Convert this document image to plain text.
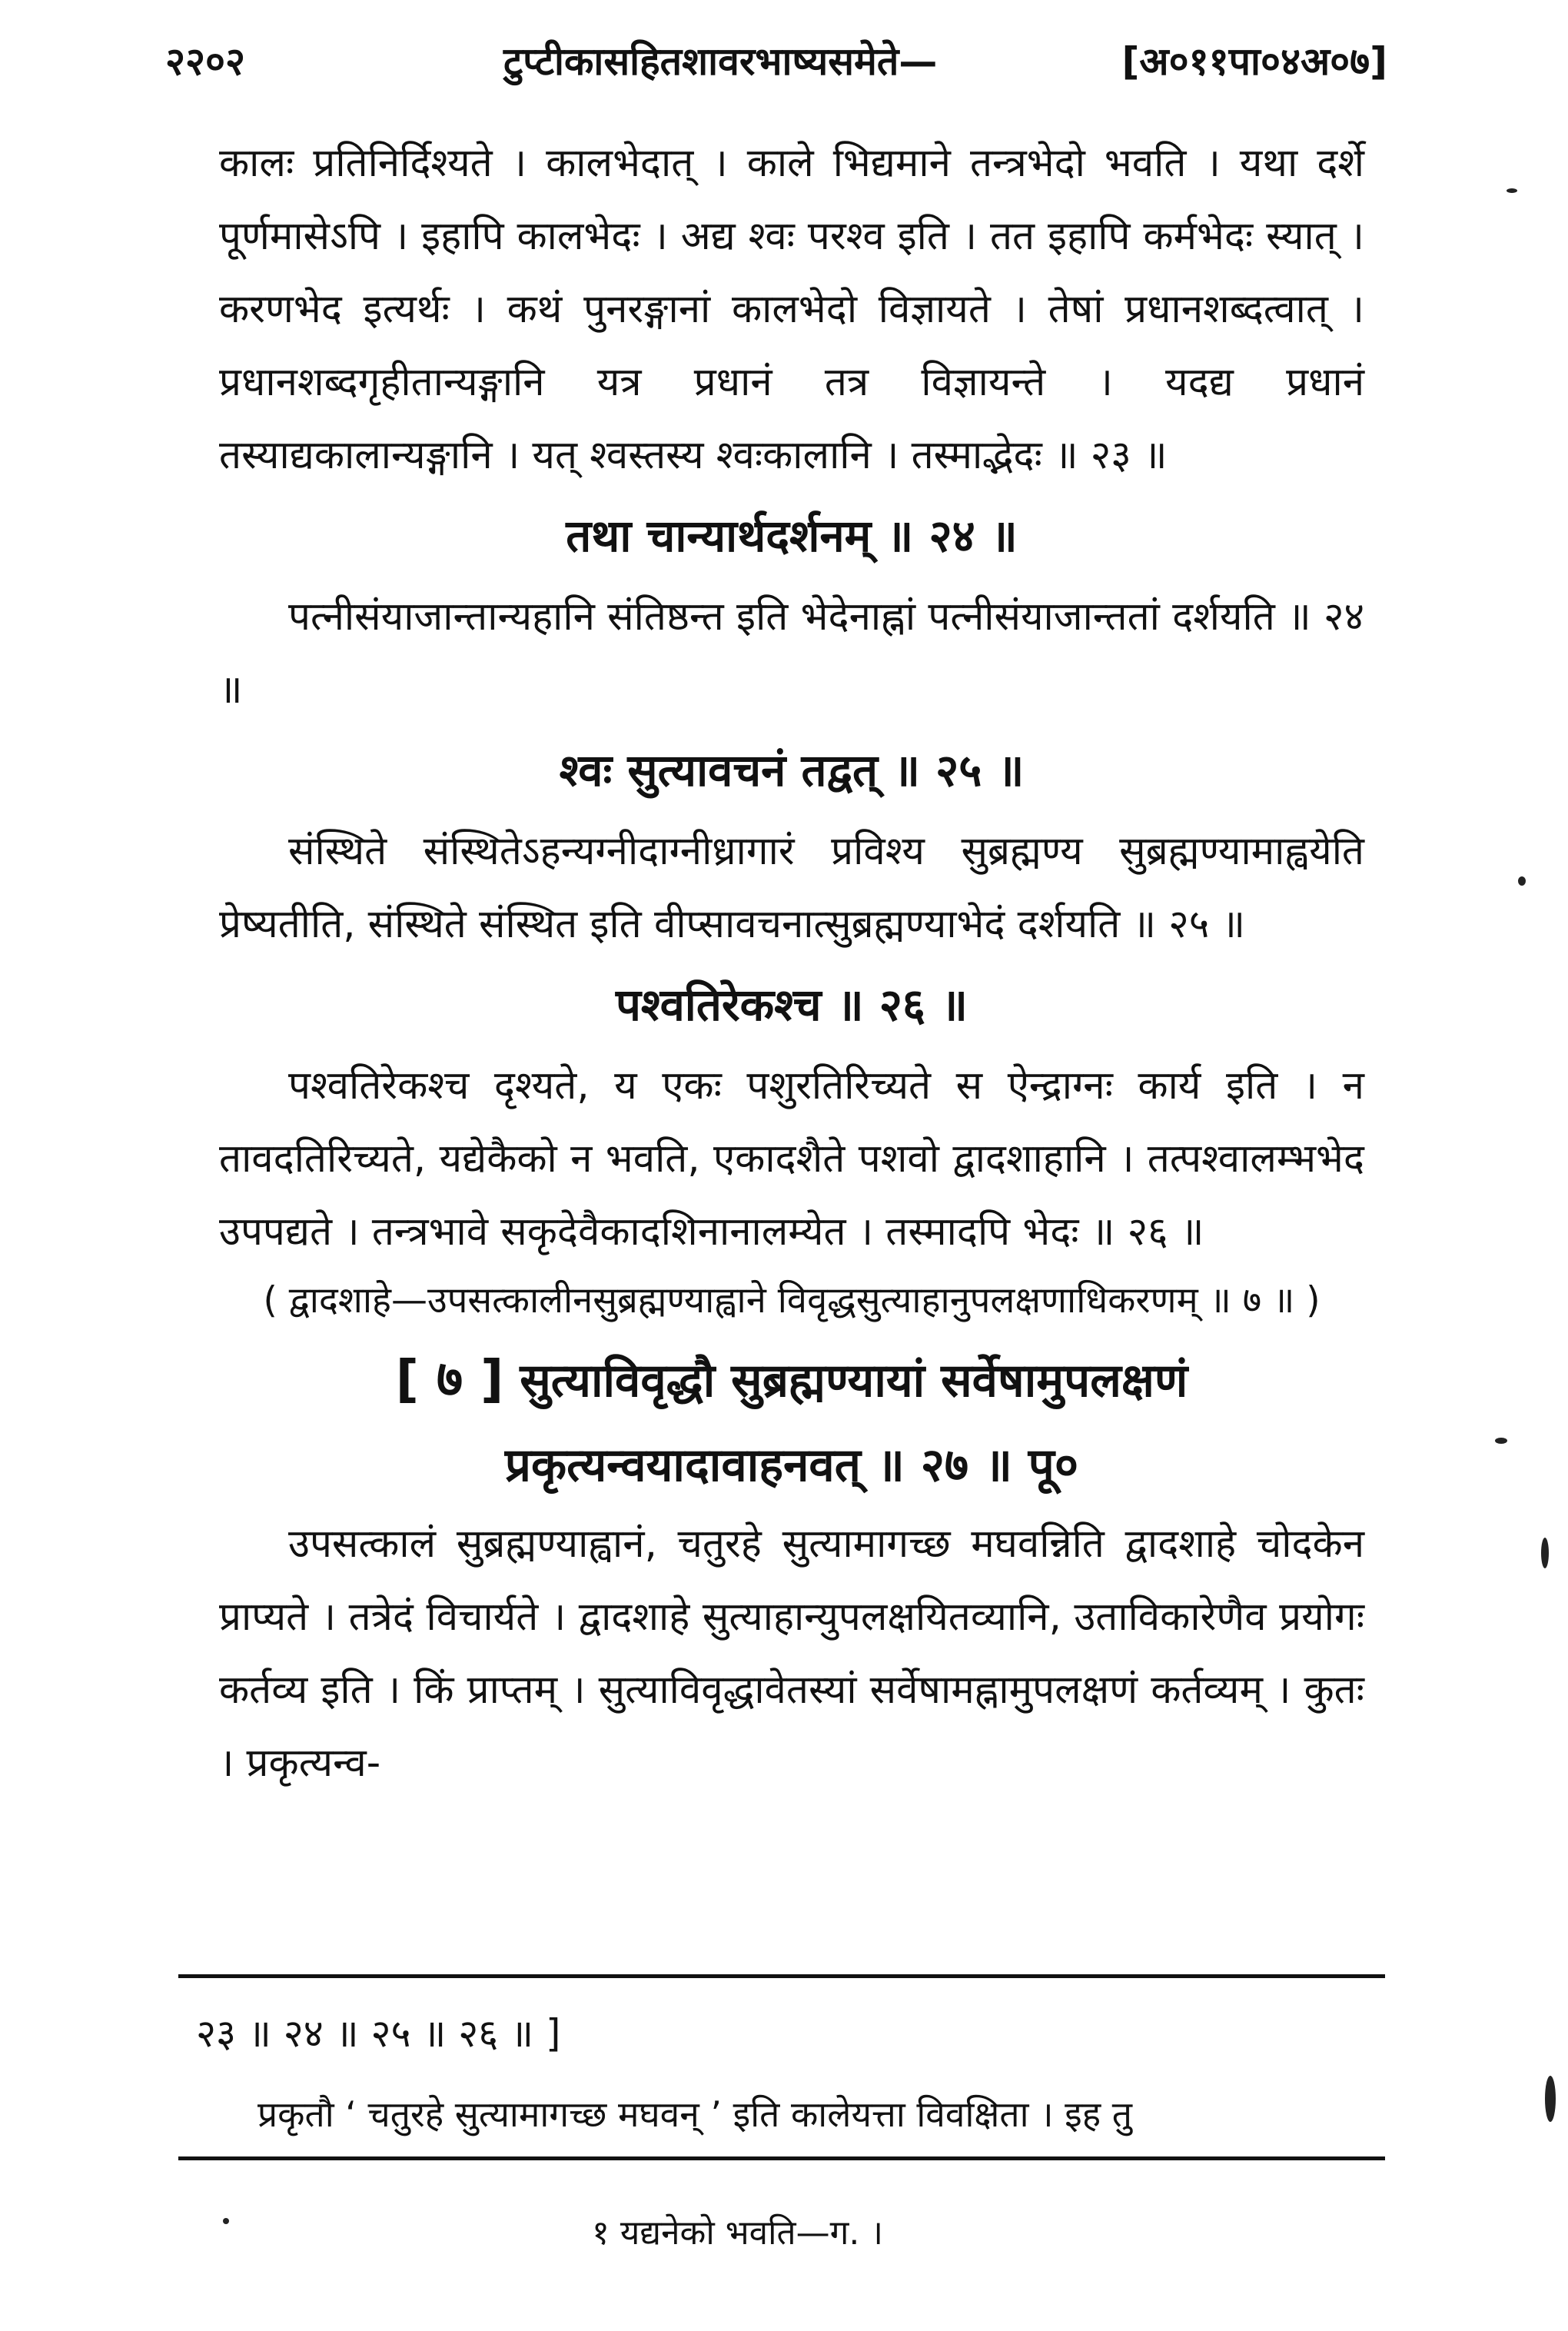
२२०२	टुप्टीकासहितशावरभाष्यसमेते—	[अ०११पा०४अ०७]

कालः प्रतिनिर्दिश्यते । कालभेदात् । काले भिद्यमाने तन्त्रभेदो भवति । यथा दर्शे पूर्णमासेऽपि । इहापि कालभेदः । अद्य श्वः परश्व इति । तत इहापि कर्मभेदः स्यात् । करणभेद इत्यर्थः । कथं पुनरङ्गानां कालभेदो विज्ञायते । तेषां प्रधानशब्दत्वात् । प्रधानशब्दगृहीतान्यङ्गानि यत्र प्रधानं तत्र विज्ञायन्ते । यदद्य प्रधानं तस्याद्यकालान्यङ्गानि । यत् श्वस्तस्य श्वःकालानि । तस्माद्भेदः ॥ २३ ॥

तथा चान्यार्थदर्शनम् ॥ २४ ॥

पत्नीसंयाजान्तान्यहानि संतिष्ठन्त इति भेदेनाह्नां पत्नीसंयाजान्ततां दर्शयति ॥ २४ ॥

श्वः सुत्यावचनं तद्वत् ॥ २५ ॥

संस्थिते संस्थितेऽहन्यग्नीदाग्नीध्रागारं प्रविश्य सुब्रह्मण्य सुब्रह्मण्यामाह्वयेति प्रेष्यतीति, संस्थिते संस्थित इति वीप्सावचनात्सुब्रह्मण्याभेदं दर्शयति ॥ २५ ॥

पश्वतिरेकश्च ॥ २६ ॥

पश्वतिरेकश्च दृश्यते, य एकः पशुरतिरिच्यते स ऐन्द्राग्नः कार्य इति । न तावदतिरिच्यते, यद्येकैको न भवति, एकादशैते पशवो द्वादशाहानि । तत्पश्वालम्भभेद उपपद्यते । तन्त्रभावे सकृदेवैकादशिनानालम्येत । तस्मादपि भेदः ॥ २६ ॥

( द्वादशाहे—उपसत्कालीनसुब्रह्मण्याह्वाने विवृद्धसुत्याहानुपलक्षणाधिकरणम् ॥ ७ ॥ )

[ ७ ] सुत्याविवृद्धौ सुब्रह्मण्यायां सर्वेषामुपलक्षणं
प्रकृत्यन्वयादावाहनवत् ॥ २७ ॥ पू०

उपसत्कालं सुब्रह्मण्याह्वानं, चतुरहे सुत्यामागच्छ मघवन्निति द्वादशाहे चोदकेन प्राप्यते । तत्रेदं विचार्यते । द्वादशाहे सुत्याहान्युपलक्षयितव्यानि, उताविकारेणैव प्रयोगः कर्तव्य इति । किं प्राप्तम् । सुत्याविवृद्धावेतस्यां सर्वेषामह्नामुपलक्षणं कर्तव्यम् । कुतः । प्रकृत्यन्व-

२३ ॥ २४ ॥ २५ ॥ २६ ॥ ]
प्रकृतौ ‘ चतुरहे सुत्यामागच्छ मघवन् ’ इति कालेयत्ता विवक्षिता । इह तु
१ यद्यनेको भवति—ग. ।
